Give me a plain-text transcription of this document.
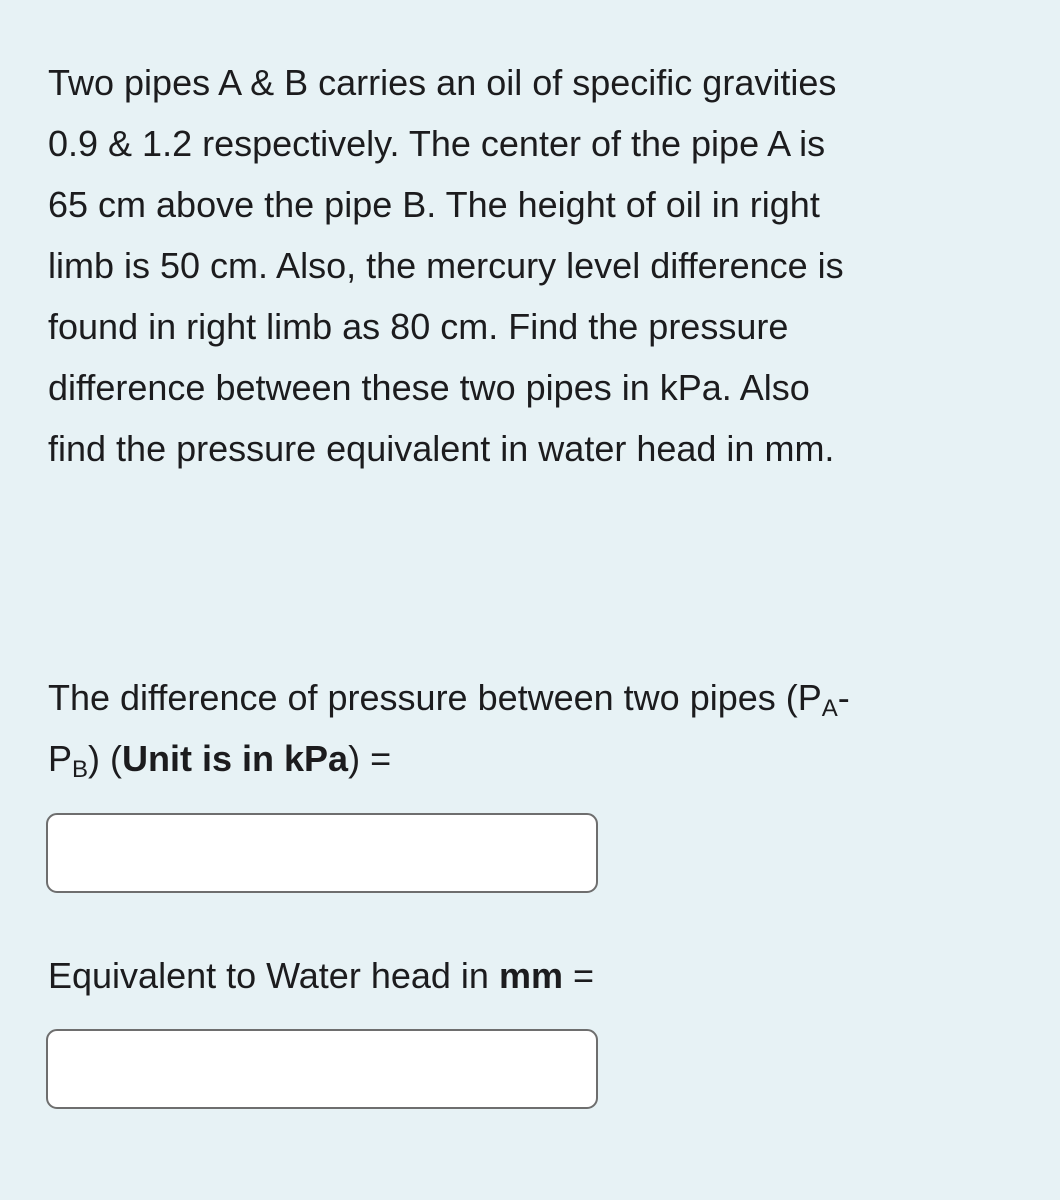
Two pipes A & B carries an oil of specific gravities

0.9 & 1.2 respectively. The center of the pipe A is

65 cm above the pipe B. The height of oil in right

limb is 50 cm. Also, the mercury level difference is

found in right limb as 80 cm. Find the pressure

difference between these two pipes in kPa. Also

find the pressure equivalent in water head in mm.

The difference of pressure between two pipes ($P_A-$
$P_B$) (Unit is in kPa) =
Equivalent to Water head in mm =
